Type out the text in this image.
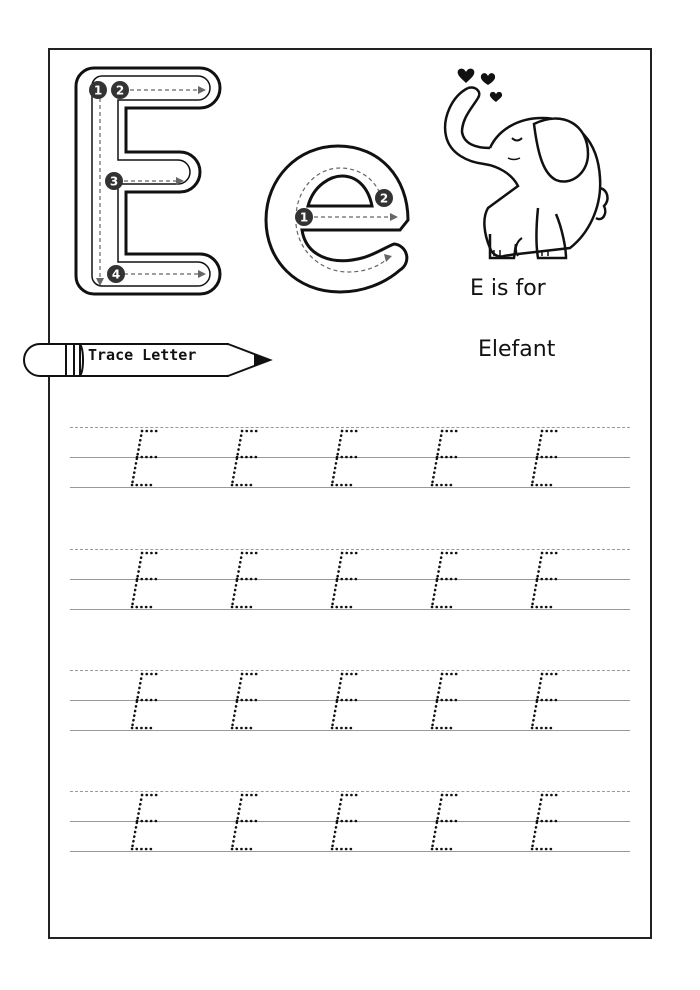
1 2
3
4
1
2
E is for
Elefant
Trace Letter
